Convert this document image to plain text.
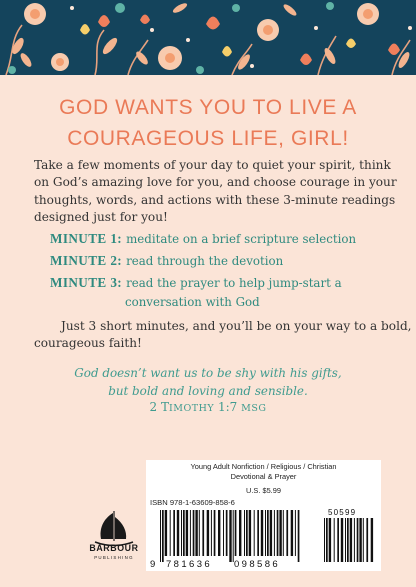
GOD WANTS YOU TO LIVE A
COURAGEOUS LIFE, GIRL!
Take a few moments of your day to quiet your spirit, think
on God’s amazing love for you, and choose courage in your
thoughts, words, and actions with these 3-minute readings
designed just for you!
MINUTE 1: meditate on a brief scripture selection
MINUTE 2: read through the devotion
MINUTE 3: read the prayer to help jump-start a
conversation with God
Just 3 short minutes, and you’ll be on your way to a bold,
courageous faith!
God doesn’t want us to be shy with his gifts,
but bold and loving and sensible.
2 TIMOTHY 1:7 MSG
BARBOUR
PUBLISHING
Young Adult Nonfiction / Religious / Christian
Devotional & Prayer
U.S. $5.99
ISBN 978-1-63609-858-6
9 781636 098586
50599
